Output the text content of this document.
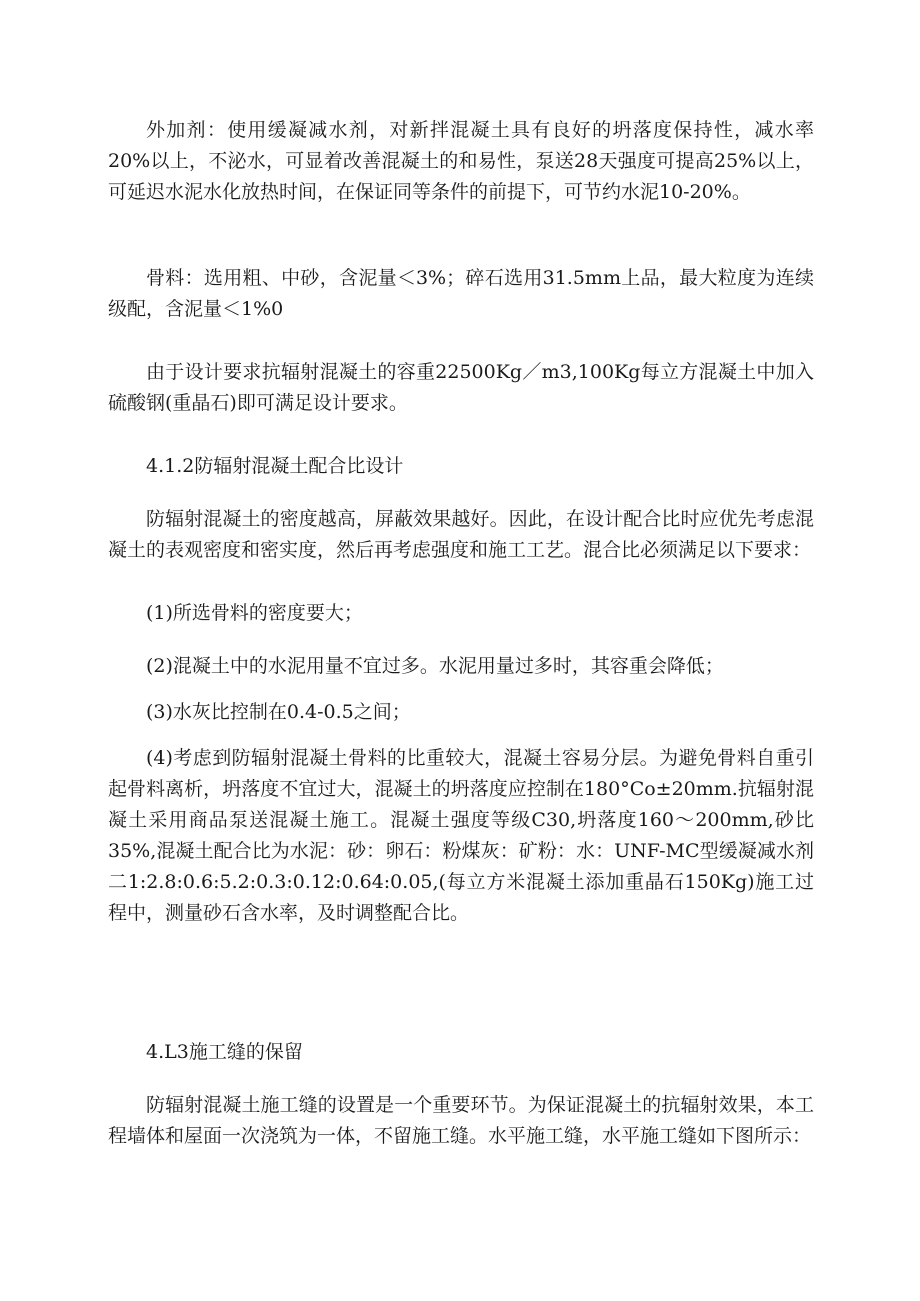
外加剂：使用缓凝减水剂，对新拌混凝土具有良好的坍落度保持性，减水率20%以上，不泌水，可显着改善混凝土的和易性，泵送28天强度可提高25%以上，可延迟水泥水化放热时间，在保证同等条件的前提下，可节约水泥10-20%。

骨料：选用粗、中砂，含泥量＜3%；碎石选用31.5mm上品，最大粒度为连续级配，含泥量＜1%0

由于设计要求抗辐射混凝土的容重22500Kg／m3,100Kg每立方混凝土中加入硫酸钢(重晶石)即可满足设计要求。

4.1.2防辐射混凝土配合比设计

防辐射混凝土的密度越高，屏蔽效果越好。因此，在设计配合比时应优先考虑混凝土的表观密度和密实度，然后再考虑强度和施工工艺。混合比必须满足以下要求：

(1)所选骨料的密度要大；

(2)混凝土中的水泥用量不宜过多。水泥用量过多时，其容重会降低；

(3)水灰比控制在0.4-0.5之间；

(4)考虑到防辐射混凝土骨料的比重较大，混凝土容易分层。为避免骨料自重引起骨料离析，坍落度不宜过大，混凝土的坍落度应控制在180°Co±20mm.抗辐射混凝土采用商品泵送混凝土施工。混凝土强度等级C30,坍落度160～200mm,砂比35%,混凝土配合比为水泥：砂：卵石：粉煤灰：矿粉：水：UNF-MC型缓凝减水剂二1:2.8:0.6:5.2:0.3:0.12:0.64:0.05,(每立方米混凝土添加重晶石150Kg)施工过程中，测量砂石含水率，及时调整配合比。

4.L3施工缝的保留

防辐射混凝土施工缝的设置是一个重要环节。为保证混凝土的抗辐射效果，本工程墙体和屋面一次浇筑为一体，不留施工缝。水平施工缝，水平施工缝如下图所示：
